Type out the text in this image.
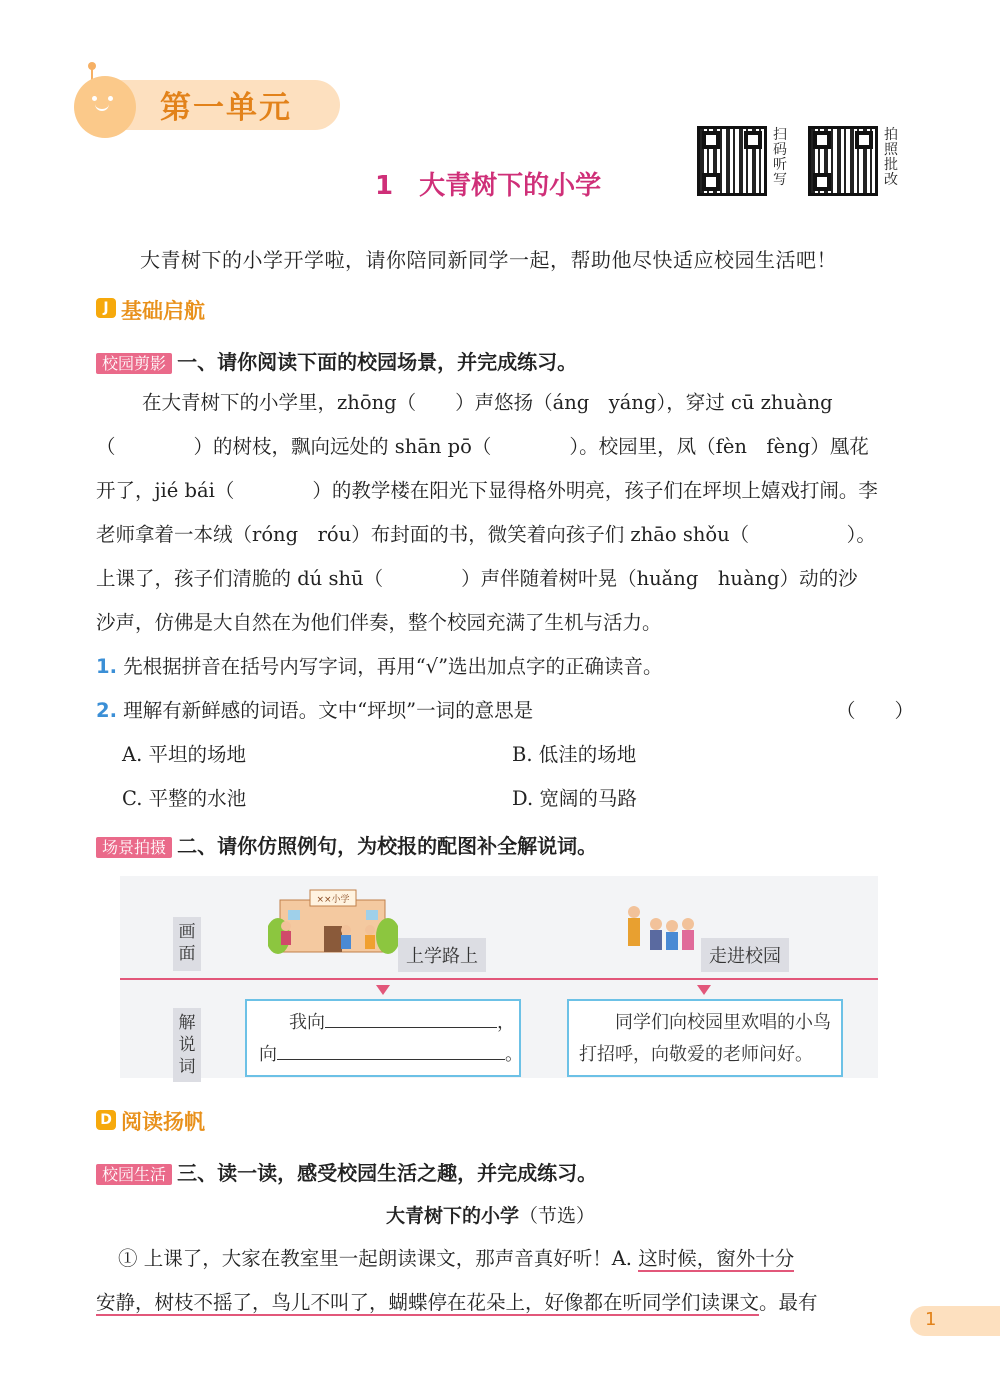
第一单元
1 大青树下的小学
扫
码
听
写
拍
照
批
改
大青树下的小学开学啦，请你陪同新同学一起，帮助他尽快适应校园生活吧！
J 基础启航
校园剪影 一、请你阅读下面的校园场景，并完成练习。
在大青树下的小学里，zhōng（　　）声悠扬（áng　yáng），穿过 cū zhuàng
（　　　　）的树枝，飘向远处的 shān pō（　　　　）。校园里，凤（fèn　fèng）凰花
开了，jié bái（　　　　）的教学楼在阳光下显得格外明亮，孩子们在坪坝上嬉戏打闹。李
老师拿着一本绒（róng　róu）布封面的书，微笑着向孩子们 zhāo shǒu（　　　　　）。
上课了，孩子们清脆的 dú shū（　　　　）声伴随着树叶晃（huǎng　huàng）动的沙
沙声，仿佛是大自然在为他们伴奏，整个校园充满了生机与活力。
1. 先根据拼音在括号内写字词，再用“√”选出加点字的正确读音。
2. 理解有新鲜感的词语。文中“坪坝”一词的意思是	（　　）
A. 平坦的场地	B. 低洼的场地
C. 平整的水池	D. 宽阔的马路
场景拍摄 二、请你仿照例句，为校报的配图补全解说词。
画
面
解
说
词
××小学
上学路上	走进校园
我向	，
向	。
同学们向校园里欢唱的小鸟打招呼，向敬爱的老师问好。
D 阅读扬帆
校园生活 三、读一读，感受校园生活之趣，并完成练习。
大青树下的小学（节选）
① 上课了，大家在教室里一起朗读课文，那声音真好听！A. 这时候，窗外十分
安静，树枝不摇了，鸟儿不叫了，蝴蝶停在花朵上，好像都在听同学们读课文。最有
1
